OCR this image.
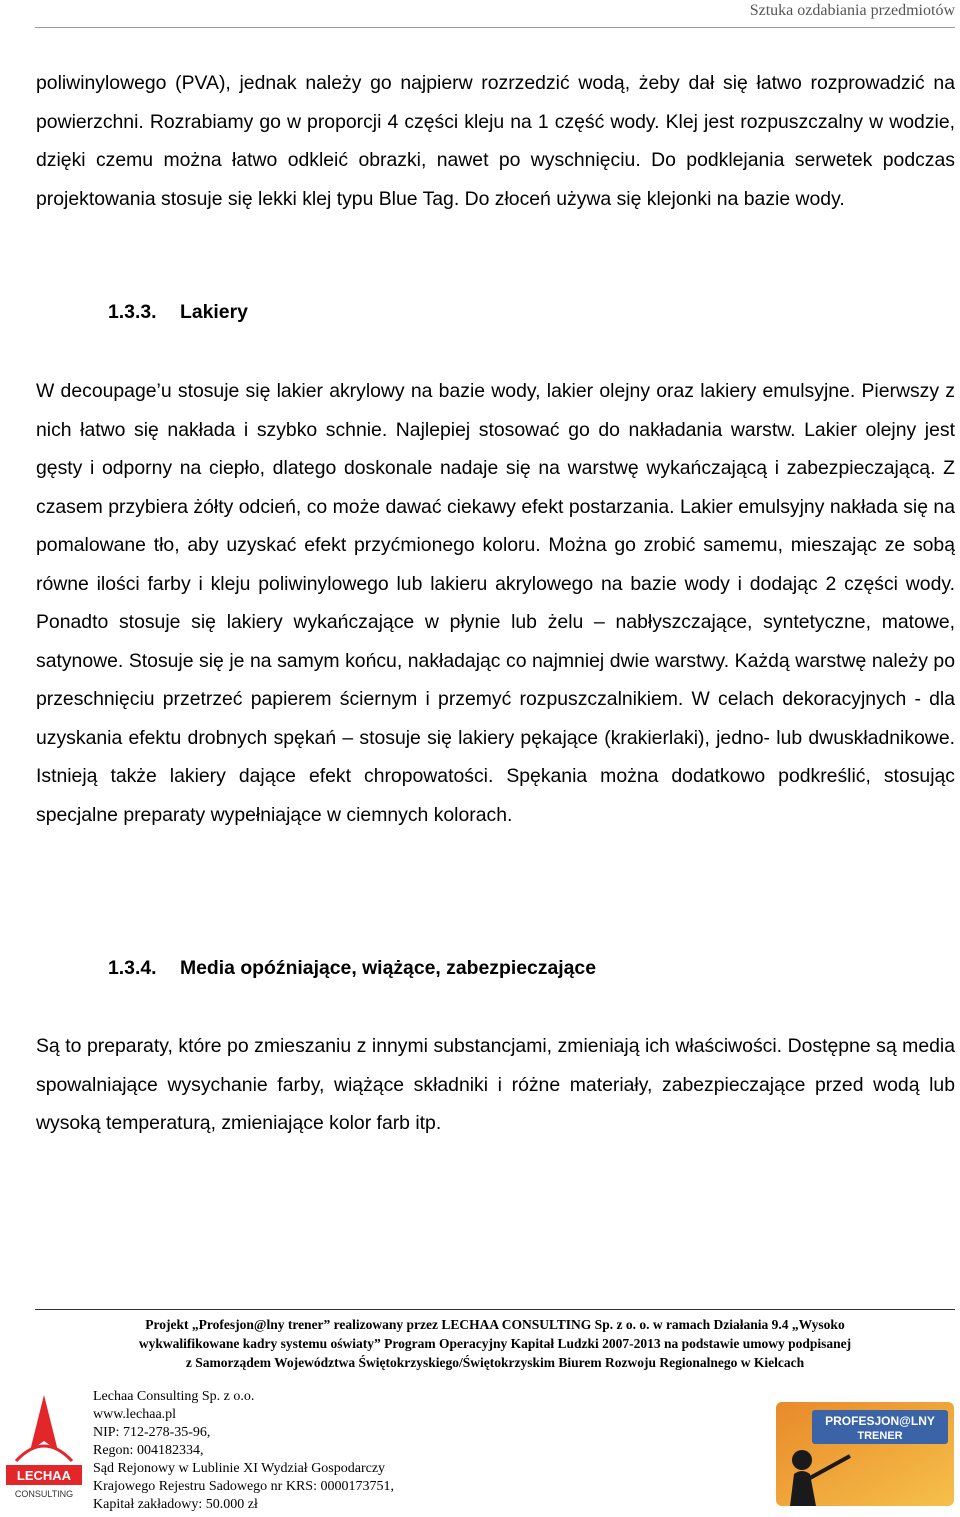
Sztuka ozdabiania przedmiotów

poliwinylowego (PVA), jednak należy go najpierw rozrzedzić wodą, żeby dał się łatwo rozprowadzić na powierzchni. Rozrabiamy go w proporcji 4 części kleju na 1 część wody. Klej jest rozpuszczalny w wodzie, dzięki czemu można łatwo odkleić obrazki, nawet po wyschnięciu. Do podklejania serwetek podczas projektowania stosuje się lekki klej typu Blue Tag. Do złoceń używa się klejonki na bazie wody.

1.3.3. Lakiery

W decoupage’u stosuje się lakier akrylowy na bazie wody, lakier olejny oraz lakiery emulsyjne. Pierwszy z nich łatwo się nakłada i szybko schnie. Najlepiej stosować go do nakładania warstw. Lakier olejny jest gęsty i odporny na ciepło, dlatego doskonale nadaje się na warstwę wykańczającą i zabezpieczającą. Z czasem przybiera żółty odcień, co może dawać ciekawy efekt postarzania. Lakier emulsyjny nakłada się na pomalowane tło, aby uzyskać efekt przyćmionego koloru. Można go zrobić samemu, mieszając ze sobą równe ilości farby i kleju poliwinylowego lub lakieru akrylowego na bazie wody i dodając 2 części wody. Ponadto stosuje się lakiery wykańczające w płynie lub żelu – nabłyszczające, syntetyczne, matowe, satynowe. Stosuje się je na samym końcu, nakładając co najmniej dwie warstwy. Każdą warstwę należy po przeschnięciu przetrzeć papierem ściernym i przemyć rozpuszczalnikiem. W celach dekoracyjnych - dla uzyskania efektu drobnych spękań – stosuje się lakiery pękające (krakierlaki), jedno- lub dwuskładnikowe. Istnieją także lakiery dające efekt chropowatości. Spękania można dodatkowo podkreślić, stosując specjalne preparaty wypełniające w ciemnych kolorach.

1.3.4. Media opóźniające, wiążące, zabezpieczające

Są to preparaty, które po zmieszaniu z innymi substancjami, zmieniają ich właściwości. Dostępne są media spowalniające wysychanie farby, wiążące składniki i różne materiały, zabezpieczające przed wodą lub wysoką temperaturą, zmieniające kolor farb itp.

Projekt „Profesjon@lny trener” realizowany przez LECHAA CONSULTING Sp. z o. o. w ramach Działania 9.4 „Wysoko
wykwalifikowane kadry systemu oświaty” Program Operacyjny Kapitał Ludzki 2007-2013 na podstawie umowy podpisanej
z Samorządem Województwa Świętokrzyskiego/Świętokrzyskim Biurem Rozwoju Regionalnego w Kielcach
LECHAA
CONSULTING
Lechaa Consulting Sp. z o.o.
www.lechaa.pl
NIP: 712-278-35-96,
Regon: 004182334,
Sąd Rejonowy w Lublinie XI Wydział Gospodarczy
Krajowego Rejestru Sadowego nr KRS: 0000173751,
Kapitał zakładowy: 50.000 zł
PROFESJON@LNY
TRENER
